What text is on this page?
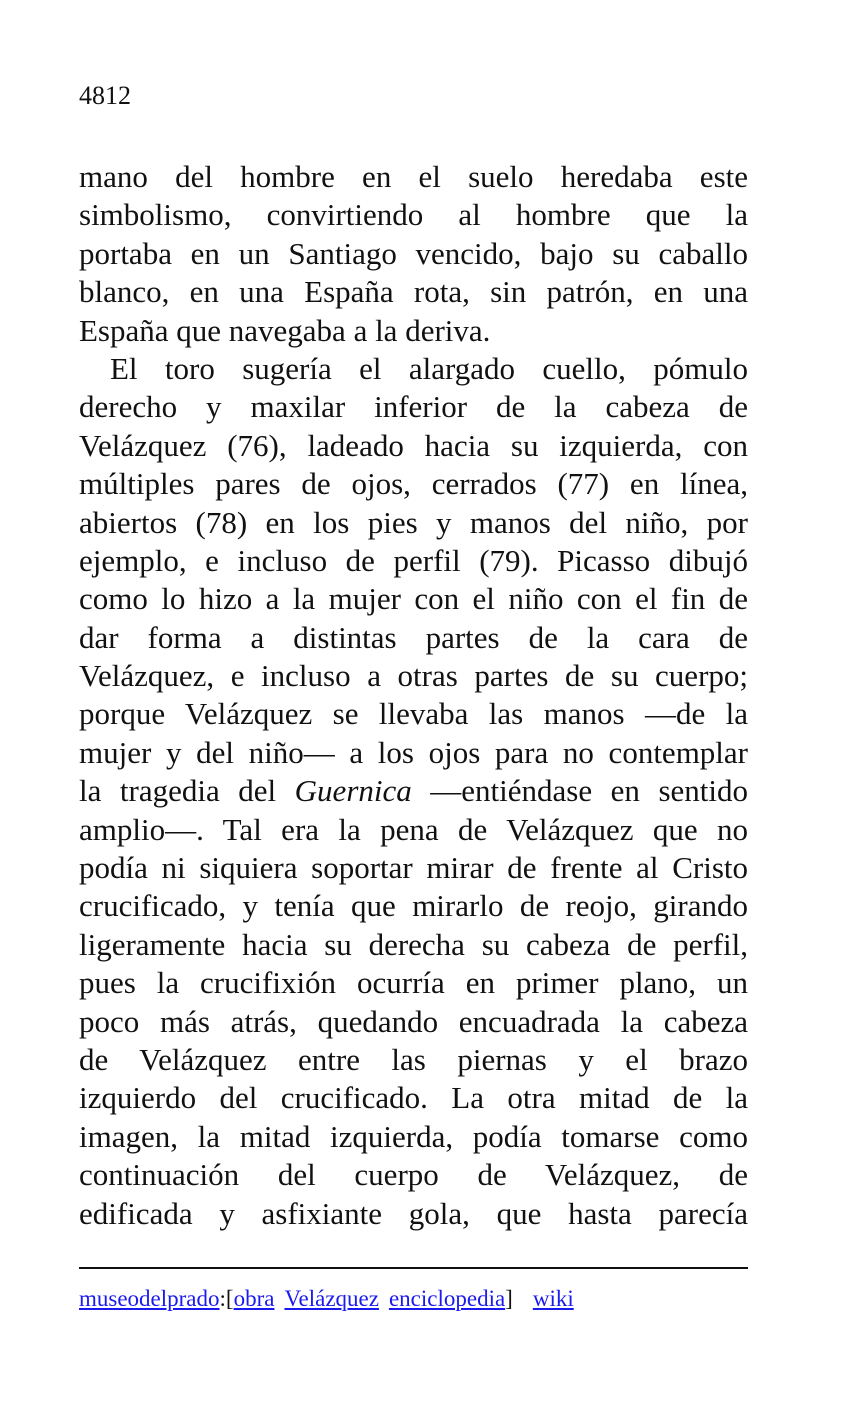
4812
mano del hombre en el suelo heredaba este
simbolismo, convirtiendo al hombre que la
portaba en un Santiago vencido, bajo su caballo
blanco, en una España rota, sin patrón, en una
España que navegaba a la deriva.
El toro sugería el alargado cuello, pómulo
derecho y maxilar inferior de la cabeza de
Velázquez (76), ladeado hacia su izquierda, con
múltiples pares de ojos, cerrados (77) en línea,
abiertos (78) en los pies y manos del niño, por
ejemplo, e incluso de perfil (79). Picasso dibujó
como lo hizo a la mujer con el niño con el fin de
dar forma a distintas partes de la cara de
Velázquez, e incluso a otras partes de su cuerpo;
porque Velázquez se llevaba las manos —de la
mujer y del niño— a los ojos para no contemplar
la tragedia del Guernica —entiéndase en sentido
amplio—. Tal era la pena de Velázquez que no
podía ni siquiera soportar mirar de frente al Cristo
crucificado, y tenía que mirarlo de reojo, girando
ligeramente hacia su derecha su cabeza de perfil,
pues la crucifixión ocurría en primer plano, un
poco más atrás, quedando encuadrada la cabeza
de Velázquez entre las piernas y el brazo
izquierdo del crucificado. La otra mitad de la
imagen, la mitad izquierda, podía tomarse como
continuación del cuerpo de Velázquez, de
edificada y asfixiante gola, que hasta parecía
museodelprado:[obra Velázquez enciclopedia] wiki
